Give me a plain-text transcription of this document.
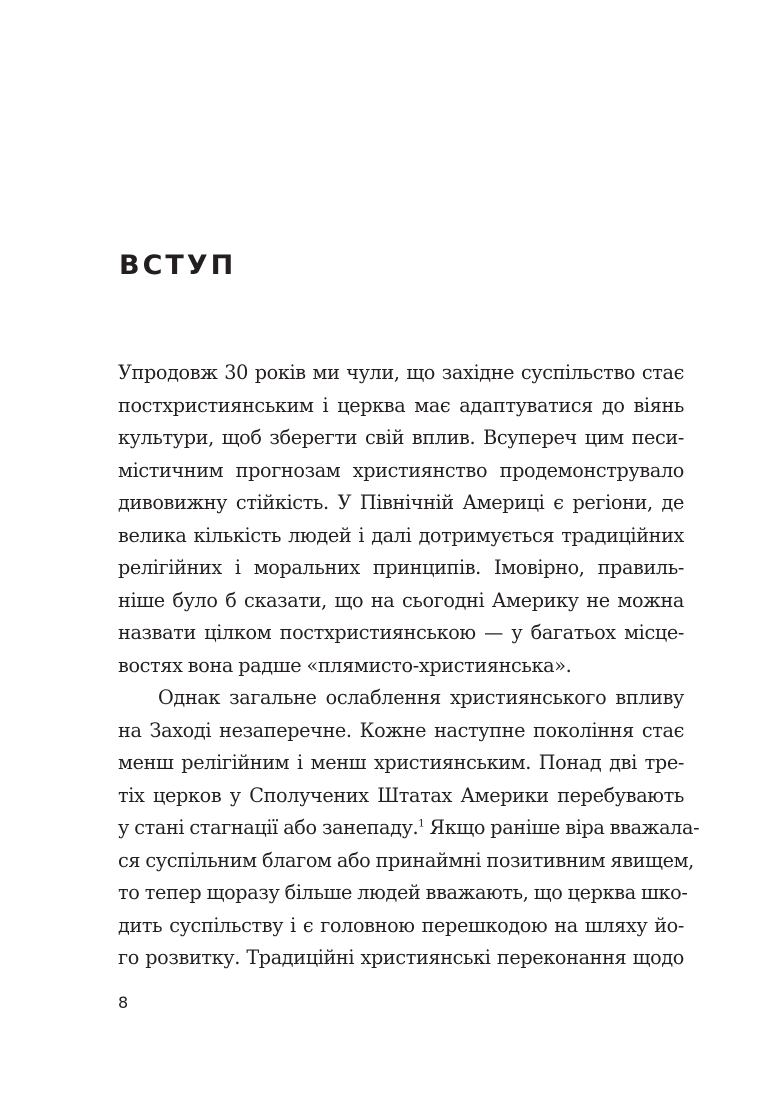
ВСТУП
Упродовж 30 років ми чули, що західне суспільство стає
постхристиянським і церква має адаптуватися до віянь
культури, щоб зберегти свій вплив. Всупереч цим песи-
містичним прогнозам християнство продемонструвало
дивовижну стійкість. У Північній Америці є регіони, де
велика кількість людей і далі дотримується традиційних
релігійних і моральних принципів. Імовірно, правиль-
ніше було б сказати, що на сьогодні Америку не можна
назвати цілком постхристиянською — у багатьох місце-
востях вона радше «плямисто-християнська».
Однак загальне ослаблення християнського впливу
на Заході незаперечне. Кожне наступне покоління стає
менш релігійним і менш християнським. Понад дві тре-
тіх церков у Сполучених Штатах Америки перебувають
у стані стагнації або занепаду.$^1$ Якщо раніше віра вважала-
ся суспільним благом або принаймні позитивним явищем,
то тепер щоразу більше людей вважають, що церква шко-
дить суспільству і є головною перешкодою на шляху йо-
го розвитку. Традиційні християнські переконання щодо

8
